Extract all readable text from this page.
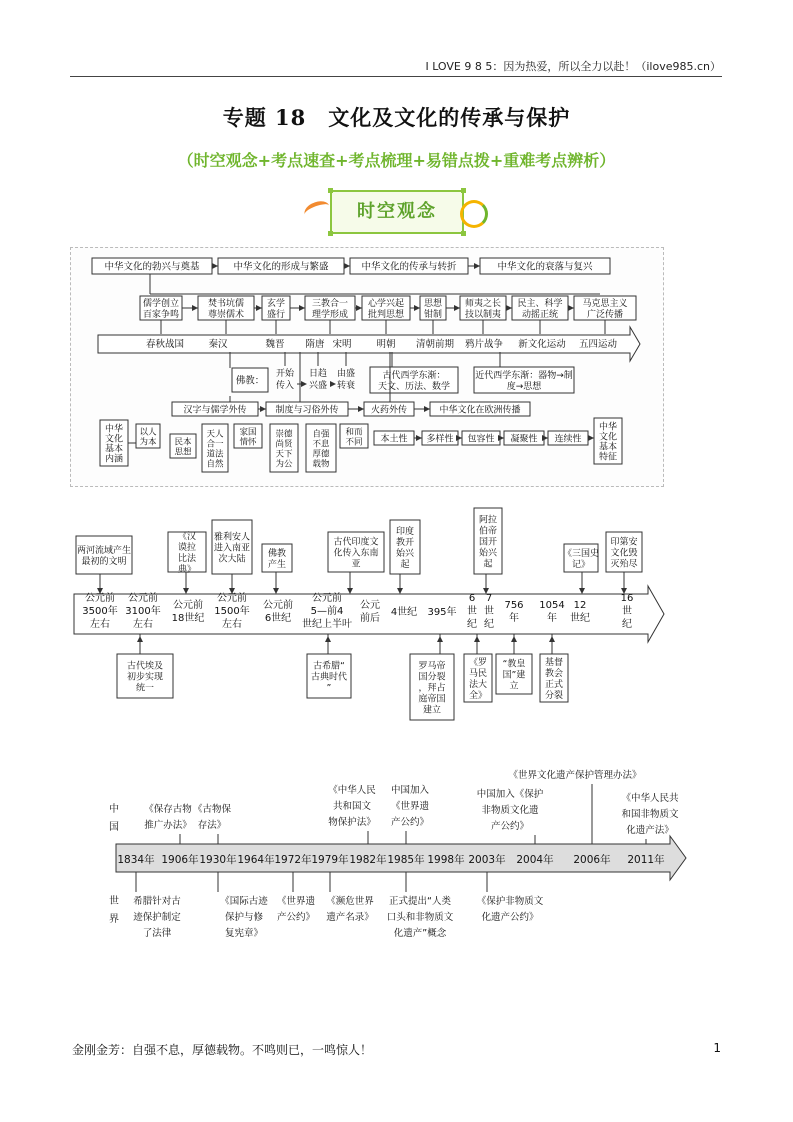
I LOVE 9 8 5：因为热爱，所以全力以赴！（ilove985.cn）
专题 18　文化及文化的传承与保护
（时空观念+考点速查+考点梳理+易错点拨+重难考点辨析）
时空观念
中华文化的勃兴与奠基	中华文化的形成与繁盛	中华文化的传承与转折	中华文化的衰落与复兴
儒学创立
百家争鸣
焚书坑儒
尊崇儒术
玄学
盛行
三教合一
理学形成
心学兴起
批判思想
思想
钳制
师夷之长
技以制夷
民主、科学
动摇正统
马克思主义
广泛传播
春秋战国	秦汉	魏晋 隋唐 宋明	明朝 清朝前期 鸦片战争 新文化运动 五四运动
佛教：
开始
传入
日趋
兴盛
由盛
转衰
古代西学东渐：
天文、历法、数学
近代西学东渐：器物→制
度→思想
汉字与儒学外传	制度与习俗外传	火药外传	中华文化在欧洲传播
中华
文化
基本
内涵
以人
为本 民本
思想
天人
合一
道法
自然
家国
情怀
崇德
尚贤
天下
为公
自强
不息
厚德
载物
和而
不同 本土性 多样性 包容性 凝聚性 连续性
中华
文化
基本
特征
两河流域产生
最初的文明
《汉
谟拉
比法
典》
雅利安人
进入南亚
次大陆
佛教
产生
古代印度文
化传入东南
亚
印度
教开
始兴
起
阿拉
伯帝
国开
始兴
起
《三国史
记》
印第安
文化毁
灭殆尽
公元前
3500年
左右
公元前
3100年
左右
公元前
18世纪
公元前
1500年
左右
公元前
6世纪
公元前
5—前4
世纪上半叶
公元
前后
4世纪 395年
6
世
纪
7
世
纪
756
年
1054
年
12
世纪
16
世
纪
古代埃及
初步实现
统一
古希腊“
古典时代
”
罗马帝
国分裂
，拜占
庭帝国
建立
《罗
马民
法大
全》
“教皇
国”建
立
基督
教会
正式
分裂
1834年 1906年 1930年 1964年 1972年 1979年 1982年 1985年 1998年 2003年 2004年 2006年 2011年
中
国
世
界
《保存古物
推广办法》
《古物保
存法》
《中华人民
共和国文
物保护法》
中国加入
《世界遗
产公约》
中国加入《保护
非物质文化遗
产公约》
《世界文化遗产保护管理办法》
《中华人民共
和国非物质文
化遗产法》
希腊针对古
迹保护制定
了法律
《国际古迹
保护与修
复宪章》
《世界遗
产公约》
《濒危世界
遗产名录》
正式提出“人类
口头和非物质文
化遗产”概念
《保护非物质文
化遗产公约》
金刚金芳：自强不息，厚德载物。不鸣则已，一鸣惊人！	1
